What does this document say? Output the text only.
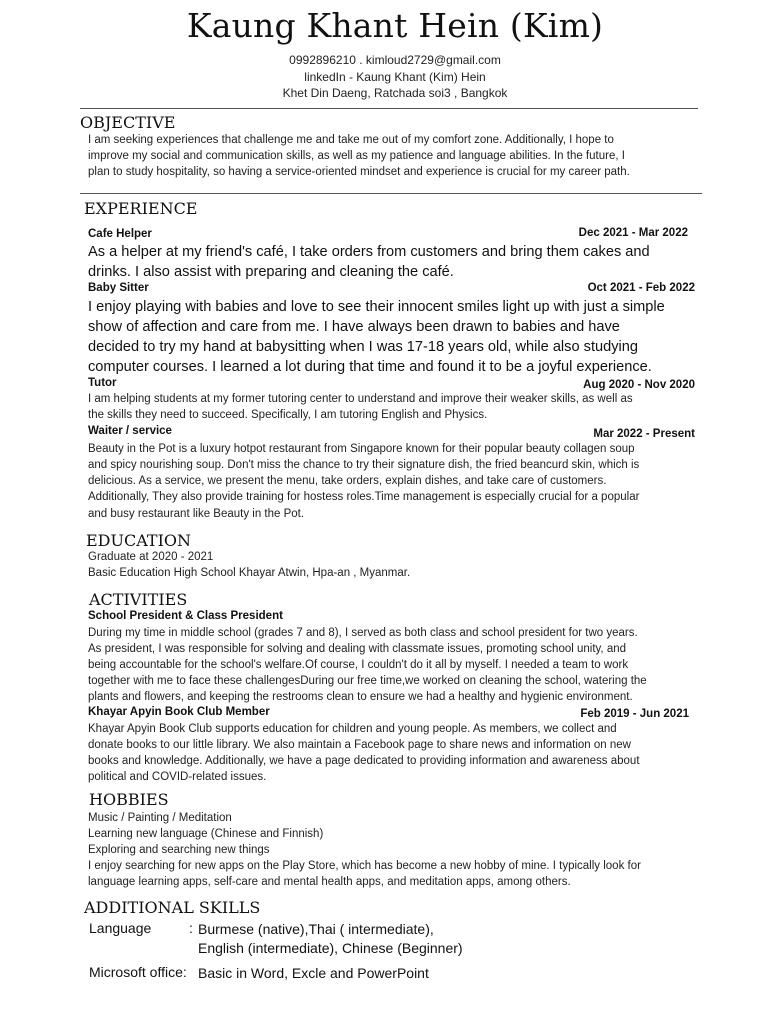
Kaung Khant Hein (Kim)

0992896210 . kimloud2729@gmail.com

linkedIn - Kaung Khant (Kim) Hein

Khet Din Daeng, Ratchada soi3 , Bangkok

OBJECTIVE

I am seeking experiences that challenge me and take me out of my comfort zone. Additionally, I hope to

improve my social and communication skills, as well as my patience and language abilities. In the future, I

plan to study hospitality, so having a service-oriented mindset and experience is crucial for my career path.

EXPERIENCE

Cafe Helper	Dec 2021 - Mar 2022

As a helper at my friend's café, I take orders from customers and bring them cakes and

drinks. I also assist with preparing and cleaning the café.

Baby Sitter	Oct 2021 - Feb 2022

I enjoy playing with babies and love to see their innocent smiles light up with just a simple

show of affection and care from me. I have always been drawn to babies and have

decided to try my hand at babysitting when I was 17-18 years old, while also studying

computer courses. I learned a lot during that time and found it to be a joyful experience.

Tutor	Aug 2020 - Nov 2020

I am helping students at my former tutoring center to understand and improve their weaker skills, as well as

the skills they need to succeed. Specifically, I am tutoring English and Physics.

Waiter / service	Mar 2022 - Present

Beauty in the Pot is a luxury hotpot restaurant from Singapore known for their popular beauty collagen soup

and spicy nourishing soup. Don't miss the chance to try their signature dish, the fried beancurd skin, which is

delicious. As a service, we present the menu, take orders, explain dishes, and take care of customers.

Additionally, They also provide training for hostess roles.Time management is especially crucial for a popular

and busy restaurant like Beauty in the Pot.

EDUCATION

Graduate at 2020 - 2021

Basic Education High School Khayar Atwin, Hpa-an , Myanmar.

ACTIVITIES

School President & Class President

During my time in middle school (grades 7 and 8), I served as both class and school president for two years.

As president, I was responsible for solving and dealing with classmate issues, promoting school unity, and

being accountable for the school's welfare.Of course, I couldn't do it all by myself. I needed a team to work

together with me to face these challengesDuring our free time,we worked on cleaning the school, watering the

plants and flowers, and keeping the restrooms clean to ensure we had a healthy and hygienic environment.

Khayar Apyin Book Club Member	Feb 2019 - Jun 2021

Khayar Apyin Book Club supports education for children and young people. As members, we collect and

donate books to our little library. We also maintain a Facebook page to share news and information on new

books and knowledge. Additionally, we have a page dedicated to providing information and awareness about

political and COVID-related issues.

HOBBIES

Music / Painting / Meditation

Learning new language (Chinese and Finnish)

Exploring and searching new things

I enjoy searching for new apps on the Play Store, which has become a new hobby of mine. I typically look for

language learning apps, self-care and mental health apps, and meditation apps, among others.

ADDITIONAL SKILLS

Language	: Burmese (native),Thai ( intermediate),

English (intermediate), Chinese (Beginner)

Microsoft office: Basic in Word, Excle and PowerPoint
